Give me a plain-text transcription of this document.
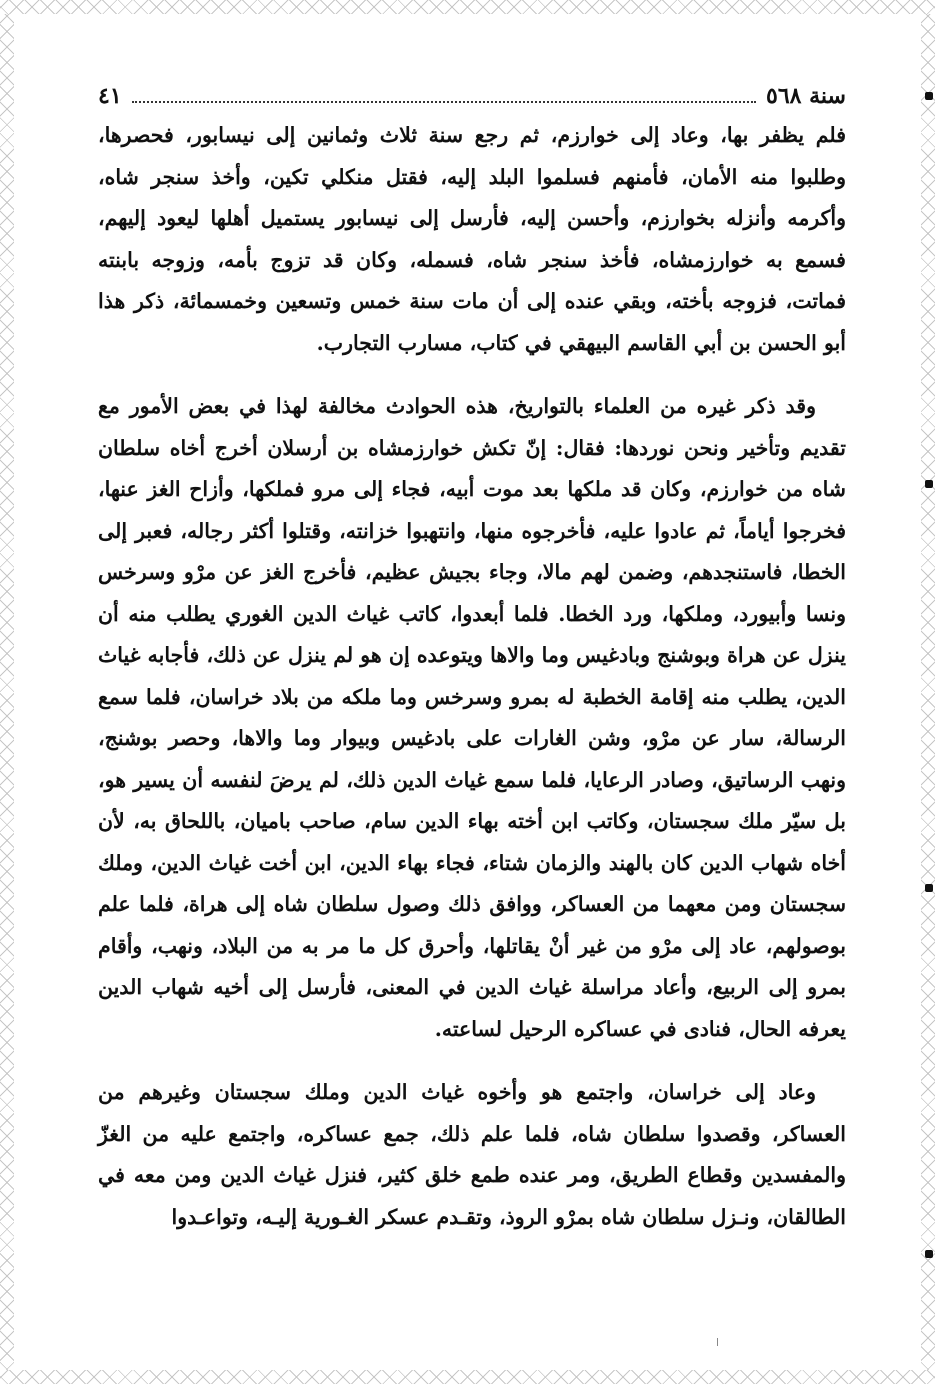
سنة ٥٦٨
٤١

فلم يظفر بها، وعاد إلى خوارزم، ثم رجع سنة ثلاث وثمانين إلى نيسابور، فحصرها، وطلبوا منه الأمان، فأمنهم فسلموا البلد إليه، فقتل منكلي تكين، وأخذ سنجر شاه، وأكرمه وأنزله بخوارزم، وأحسن إليه، فأرسل إلى نيسابور يستميل أهلها ليعود إليهم، فسمع به خوارزمشاه، فأخذ سنجر شاه، فسمله، وكان قد تزوج بأمه، وزوجه بابنته فماتت، فزوجه بأخته، وبقي عنده إلى أن مات سنة خمس وتسعين وخمسمائة، ذكر هذا أبو الحسن بن أبي القاسم البيهقي في كتاب، مسارب التجارب.

وقد ذكر غيره من العلماء بالتواريخ، هذه الحوادث مخالفة لهذا في بعض الأمور مع تقديم وتأخير ونحن نوردها: فقال: إنّ تكش خوارزمشاه بن أرسلان أخرج أخاه سلطان شاه من خوارزم، وكان قد ملكها بعد موت أبيه، فجاء إلى مرو فملكها، وأزاح الغز عنها، فخرجوا أياماً، ثم عادوا عليه، فأخرجوه منها، وانتهبوا خزانته، وقتلوا أكثر رجاله، فعبر إلى الخطا، فاستنجدهم، وضمن لهم مالا، وجاء بجيش عظيم، فأخرج الغز عن مرْو وسرخس ونسا وأبيورد، وملكها، ورد الخطا. فلما أبعدوا، كاتب غياث الدين الغوري يطلب منه أن ينزل عن هراة وبوشنج وبادغيس وما والاها ويتوعده إن هو لم ينزل عن ذلك، فأجابه غياث الدين، يطلب منه إقامة الخطبة له بمرو وسرخس وما ملكه من بلاد خراسان، فلما سمع الرسالة، سار عن مرْو، وشن الغارات على بادغيس وبيوار وما والاها، وحصر بوشنج، ونهب الرساتيق، وصادر الرعايا، فلما سمع غياث الدين ذلك، لم يرضَ لنفسه أن يسير هو، بل سيّر ملك سجستان، وكاتب ابن أخته بهاء الدين سام، صاحب باميان، باللحاق به، لأن أخاه شهاب الدين كان بالهند والزمان شتاء، فجاء بهاء الدين، ابن أخت غياث الدين، وملك سجستان ومن معهما من العساكر، ووافق ذلك وصول سلطان شاه إلى هراة، فلما علم بوصولهم، عاد إلى مرْو من غير أنْ يقاتلها، وأحرق كل ما مر به من البلاد، ونهب، وأقام بمرو إلى الربيع، وأعاد مراسلة غياث الدين في المعنى، فأرسل إلى أخيه شهاب الدين يعرفه الحال، فنادى في عساكره الرحيل لساعته.

وعاد إلى خراسان، واجتمع هو وأخوه غياث الدين وملك سجستان وغيرهم من العساكر، وقصدوا سلطان شاه، فلما علم ذلك، جمع عساكره، واجتمع عليه من الغزّ والمفسدين وقطاع الطريق، ومر عنده طمع خلق كثير، فنزل غياث الدين ومن معه في الطالقان، ونـزل سلطان شاه بمرْو الروذ، وتقـدم عسكر الغـورية إليـه، وتواعـدوا
